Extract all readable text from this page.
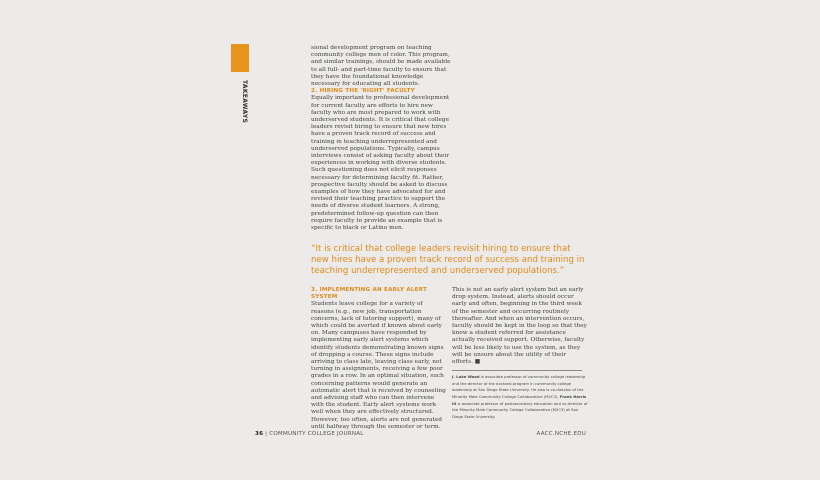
TAKEAWAYS

sional development program on teaching community college men of color. This program, and similar trainings, should be made available to all full- and part-time faculty to ensure that they have the foundational knowledge necessary for educating all students.

2. HIRING THE 'RIGHT' FACULTY

Equally important to professional development for current faculty are efforts to hire new faculty who are most prepared to work with underserved students. It is critical that college leaders revisit hiring to ensure that new hires have a proven track record of success and training in teaching underrepresented and underserved populations. Typically, campus interviews consist of asking faculty about their experiences in working with diverse students. Such questioning does not elicit responses necessary for determining faculty fit. Rather, prospective faculty should be asked to discuss examples of how they have advocated for and revised their teaching practice to support the needs of diverse student learners. A strong, predetermined follow-up question can then require faculty to provide an example that is specific to black or Latino men.

“It is critical that college leaders revisit hiring to ensure that new hires have a proven track record of success and training in teaching underrepresented and underserved populations.”

3. IMPLEMENTING AN EARLY ALERT SYSTEM

Students leave college for a variety of reasons (e.g., new job, transportation concerns, lack of tutoring support), many of which could be averted if known about early on. Many campuses have responded by implementing early alert systems which identify students demonstrating known signs of dropping a course. These signs include arriving to class late, leaving class early, not turning in assignments, receiving a few poor grades in a row. In an optimal situation, such concerning patterns would generate an automatic alert that is received by counseling and advising staff who can then intervene with the student. Early alert systems work well when they are effectively structured. However, too often, alerts are not generated until halfway through the semester or term.

This is not an early alert system but an early drop system. Instead, alerts should occur early and often, beginning in the third week of the semester and occurring routinely thereafter. And when an intervention occurs, faculty should be kept in the loop so that they know a student referred for assistance actually received support. Otherwise, faculty will be less likely to use the system, as they will be unsure about the utility of their efforts. ■

J. Luke Wood is associate professor of community college leadership and the director of the doctoral program in community college leadership at San Diego State University. He also is co-director of the Minority Male Community College Collaborative (M2C3). Frank Harris III is associate professor of postsecondary education and co-director of the Minority Male Community College Collaborative (M2C3) at San Diego State University.

36 | COMMUNITY COLLEGE JOURNAL	AACC.NCHE.EDU
